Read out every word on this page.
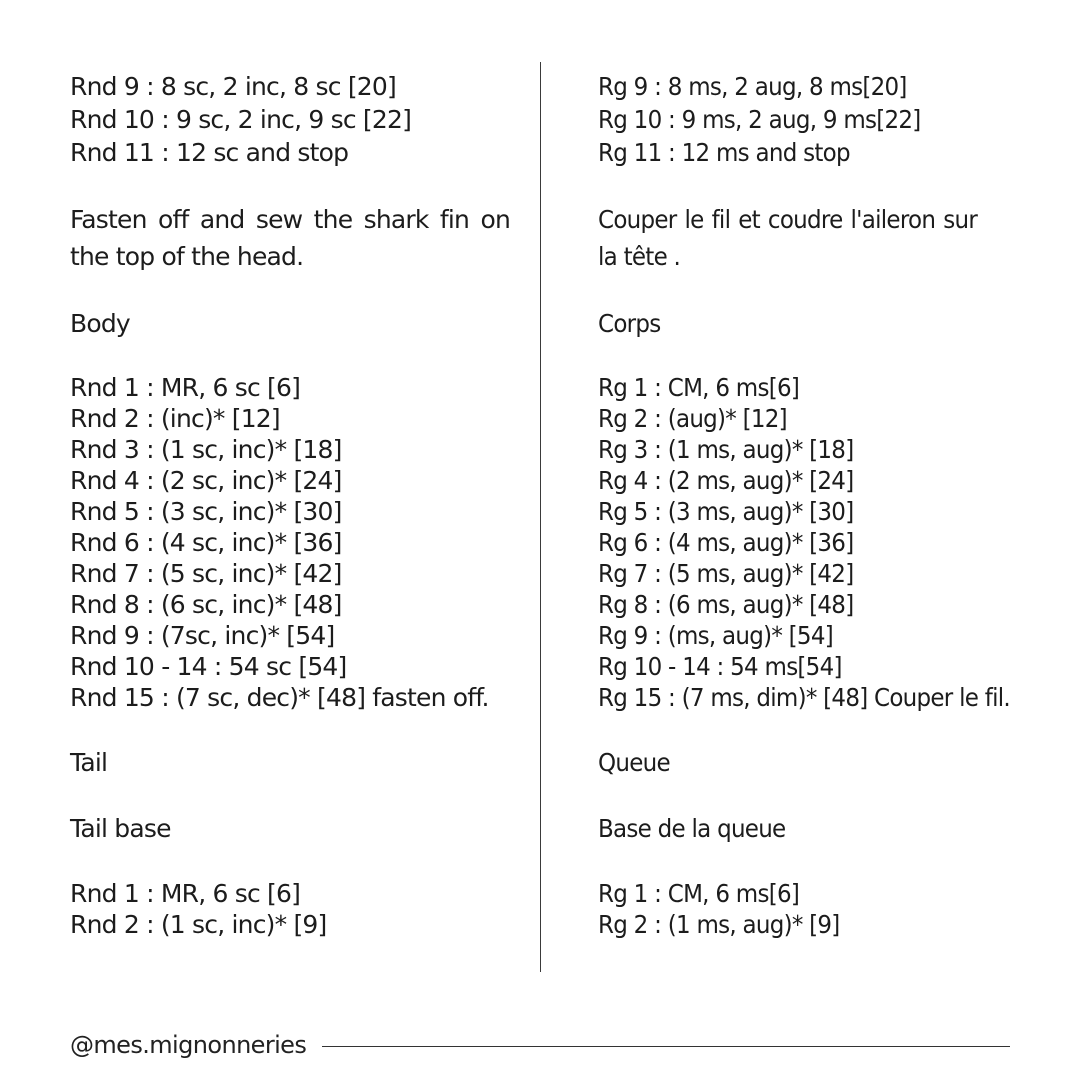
Rnd 9 : 8 sc, 2 inc, 8 sc [20]
Rnd 10 : 9 sc, 2 inc, 9 sc [22]
Rnd 11 : 12 sc and stop
Fasten off and sew the shark fin on the top of the head.
Body
Rnd 1 : MR, 6 sc [6]
Rnd 2 : (inc)* [12]
Rnd 3 : (1 sc, inc)* [18]
Rnd 4 : (2 sc, inc)* [24]
Rnd 5 : (3 sc, inc)* [30]
Rnd 6 : (4 sc, inc)* [36]
Rnd 7 : (5 sc, inc)* [42]
Rnd 8 : (6 sc, inc)* [48]
Rnd 9 : (7sc, inc)* [54]
Rnd 10 - 14 : 54 sc [54]
Rnd 15 : (7 sc, dec)* [48] fasten off.
Tail
Tail base
Rnd 1 : MR, 6 sc [6]
Rnd 2 : (1 sc, inc)* [9]
Rg 9 : 8 ms, 2 aug, 8 ms[20]
Rg 10 : 9 ms, 2 aug, 9 ms[22]
Rg 11 : 12 ms and stop
Couper le fil et coudre l'aileron sur la tête .
Corps
Rg 1 : CM, 6 ms[6]
Rg 2 : (aug)* [12]
Rg 3 : (1 ms, aug)* [18]
Rg 4 : (2 ms, aug)* [24]
Rg 5 : (3 ms, aug)* [30]
Rg 6 : (4 ms, aug)* [36]
Rg 7 : (5 ms, aug)* [42]
Rg 8 : (6 ms, aug)* [48]
Rg 9 : (ms, aug)* [54]
Rg 10 - 14 : 54 ms[54]
Rg 15 : (7 ms, dim)* [48] Couper le fil.
Queue
Base de la queue
Rg 1 : CM, 6 ms[6]
Rg 2 : (1 ms, aug)* [9]
@mes.mignonneries
